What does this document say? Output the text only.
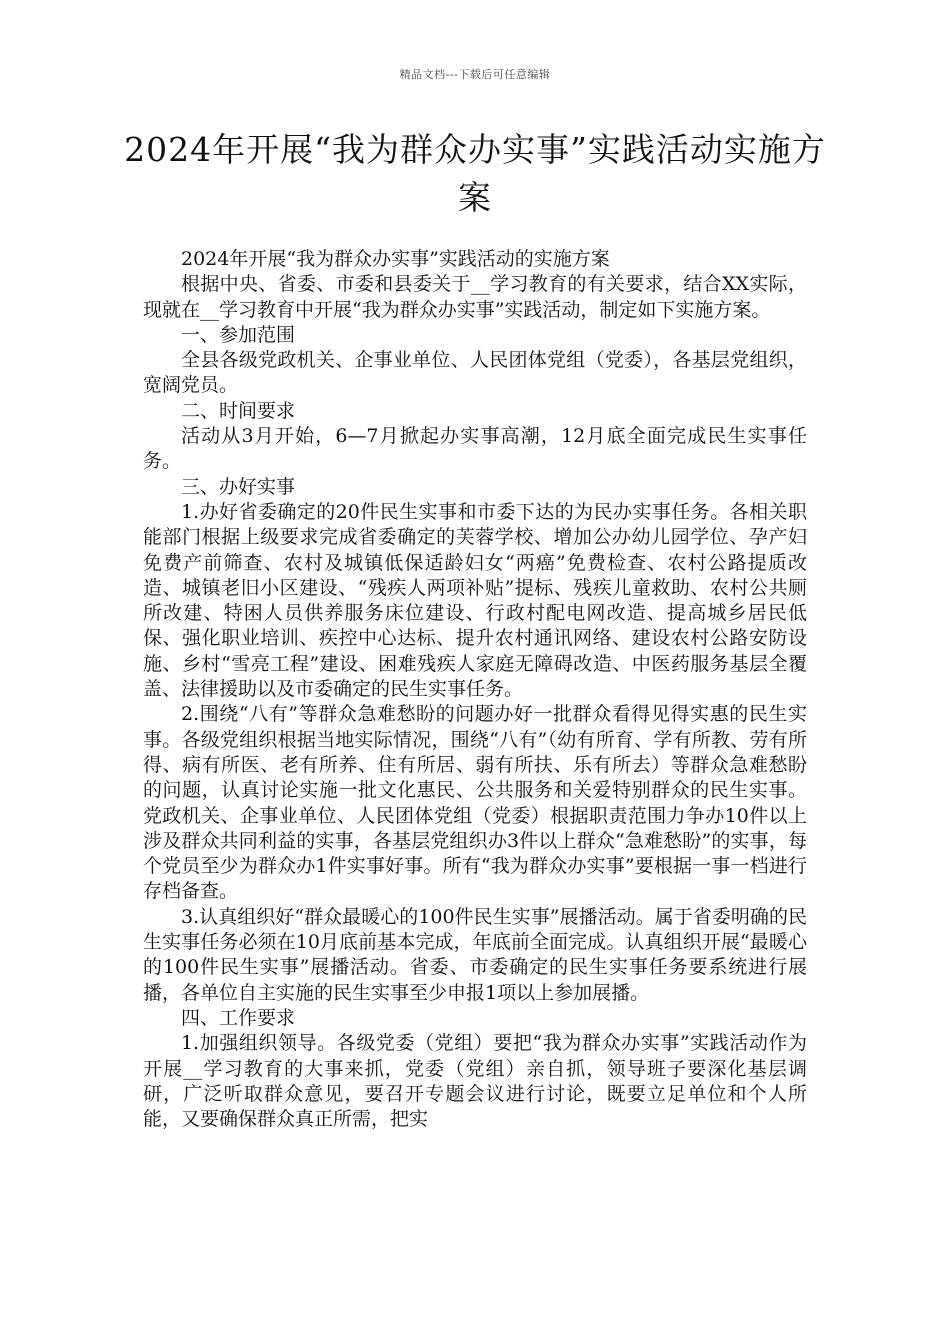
精品文档---下载后可任意编辑
2024年开展“我为群众办实事”实践活动实施方案

2024年开展“我为群众办实事”实践活动的实施方案

根据中央、省委、市委和县委关于__学习教育的有关要求，结合XX实际，现就在__学习教育中开展“我为群众办实事”实践活动，制定如下实施方案。

一、参加范围

全县各级党政机关、企事业单位、人民团体党组（党委），各基层党组织，宽阔党员。

二、时间要求

活动从3月开始，6—7月掀起办实事高潮，12月底全面完成民生实事任务。

三、办好实事

1.办好省委确定的20件民生实事和市委下达的为民办实事任务。各相关职能部门根据上级要求完成省委确定的芙蓉学校、增加公办幼儿园学位、孕产妇免费产前筛查、农村及城镇低保适龄妇女“两癌”免费检查、农村公路提质改造、城镇老旧小区建设、“残疾人两项补贴”提标、残疾儿童救助、农村公共厕所改建、特困人员供养服务床位建设、行政村配电网改造、提高城乡居民低保、强化职业培训、疾控中心达标、提升农村通讯网络、建设农村公路安防设施、乡村“雪亮工程”建设、困难残疾人家庭无障碍改造、中医药服务基层全覆盖、法律援助以及市委确定的民生实事任务。

2.围绕“八有”等群众急难愁盼的问题办好一批群众看得见得实惠的民生实事。各级党组织根据当地实际情况，围绕“八有”（幼有所育、学有所教、劳有所得、病有所医、老有所养、住有所居、弱有所扶、乐有所去）等群众急难愁盼的问题，认真讨论实施一批文化惠民、公共服务和关爱特别群众的民生实事。党政机关、企事业单位、人民团体党组（党委）根据职责范围力争办10件以上涉及群众共同利益的实事，各基层党组织办3件以上群众“急难愁盼”的实事，每个党员至少为群众办1件实事好事。所有“我为群众办实事”要根据一事一档进行存档备查。

3.认真组织好“群众最暖心的100件民生实事”展播活动。属于省委明确的民生实事任务必须在10月底前基本完成，年底前全面完成。认真组织开展“最暖心的100件民生实事”展播活动。省委、市委确定的民生实事任务要系统进行展播，各单位自主实施的民生实事至少申报1项以上参加展播。

四、工作要求

1.加强组织领导。各级党委（党组）要把“我为群众办实事”实践活动作为开展__学习教育的大事来抓，党委（党组）亲自抓，领导班子要深化基层调研，广泛听取群众意见，要召开专题会议进行讨论，既要立足单位和个人所能，又要确保群众真正所需，把实
